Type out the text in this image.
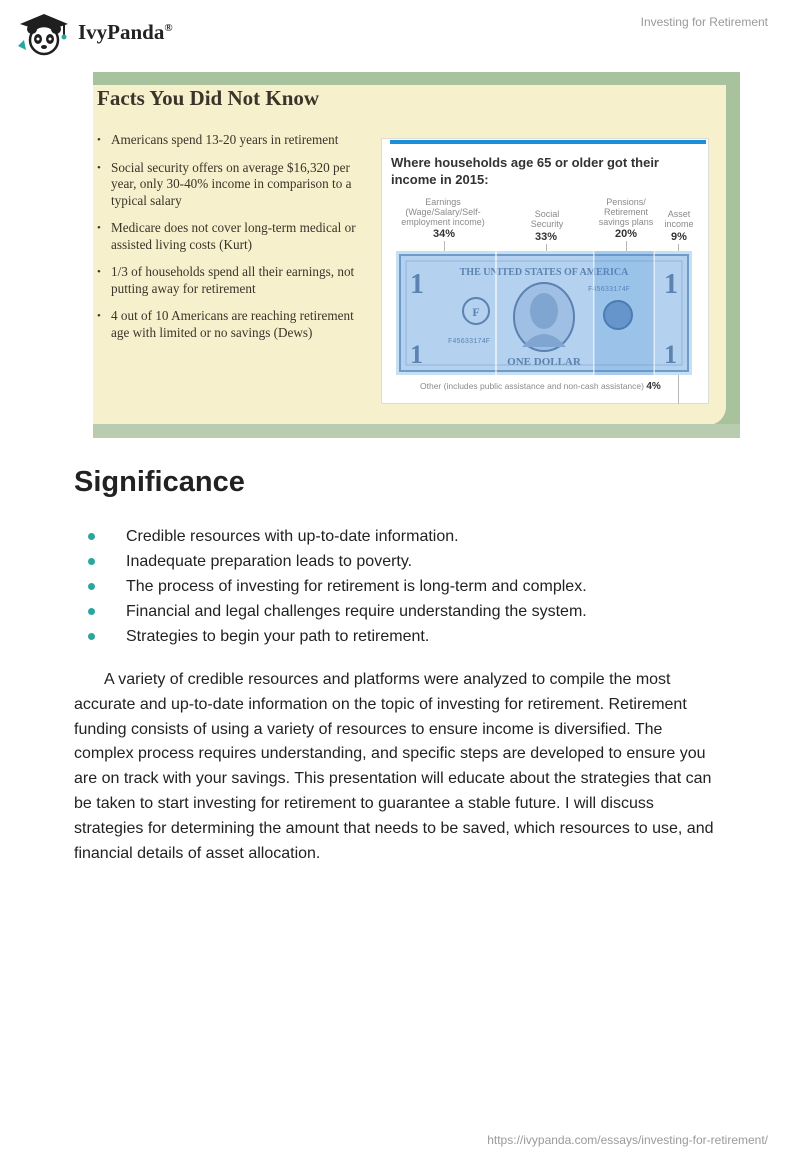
IvyPanda®	Investing for Retirement
Facts You Did Not Know
• Americans spend 13-20 years in retirement
• Social security offers on average $16,320 per year, only 30-40% income in comparison to a typical salary
• Medicare does not cover long-term medical or assisted living costs (Kurt)
• 1/3 of households spend all their earnings, not putting away for retirement
• 4 out of 10 Americans are reaching retirement age with limited or no savings (Dews)
Where households age 65 or older got their income in 2015:
Earnings (Wage/Salary/Self-employment income)
34%
Social Security
33%
Pensions/ Retirement savings plans
20%
Asset income
9%
1	1
1	1
THE UNITED STATES OF AMERICA
F
F45633174F
F45633174F
ONE DOLLAR
Other (includes public assistance and non-cash assistance) 4%
Significance
Credible resources with up-to-date information.
Inadequate preparation leads to poverty.
The process of investing for retirement is long-term and complex.
Financial and legal challenges require understanding the system.
Strategies to begin your path to retirement.

A variety of credible resources and platforms were analyzed to compile the most accurate and up-to-date information on the topic of investing for retirement. Retirement funding consists of using a variety of resources to ensure income is diversified. The complex process requires understanding, and specific steps are developed to ensure you are on track with your savings. This presentation will educate about the strategies that can be taken to start investing for retirement to guarantee a stable future. I will discuss strategies for determining the amount that needs to be saved, which resources to use, and financial details of asset allocation.

https://ivypanda.com/essays/investing-for-retirement/
